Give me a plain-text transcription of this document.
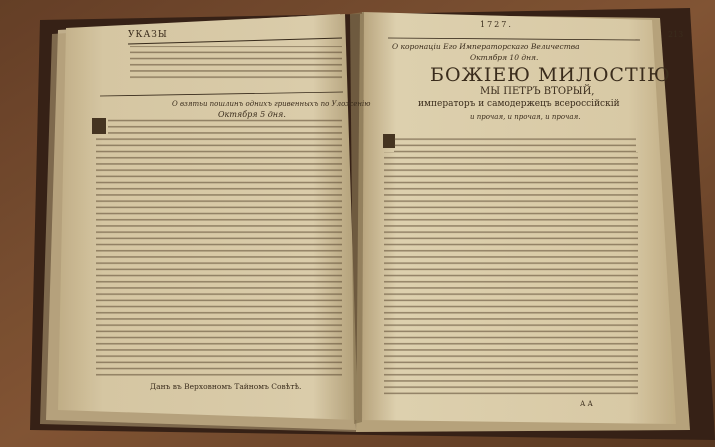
УКАЗЫ
О взятьи пошлинъ однихъ гривенныхъ по Уложенiю
Октября 5 дня.
Данъ въ Верховномъ Тайномъ Совѣтѣ.
1727.
213
О коронацiи Его Императорскаго Величества
Октября 10 дня.
БОЖIЕЮ МИЛОСТIЮ
МЫ ПЕТРЪ ВТОРЫЙ,
императоръ и самодержецъ всероссiйскiй
и прочая, и прочая, и прочая.
А А
